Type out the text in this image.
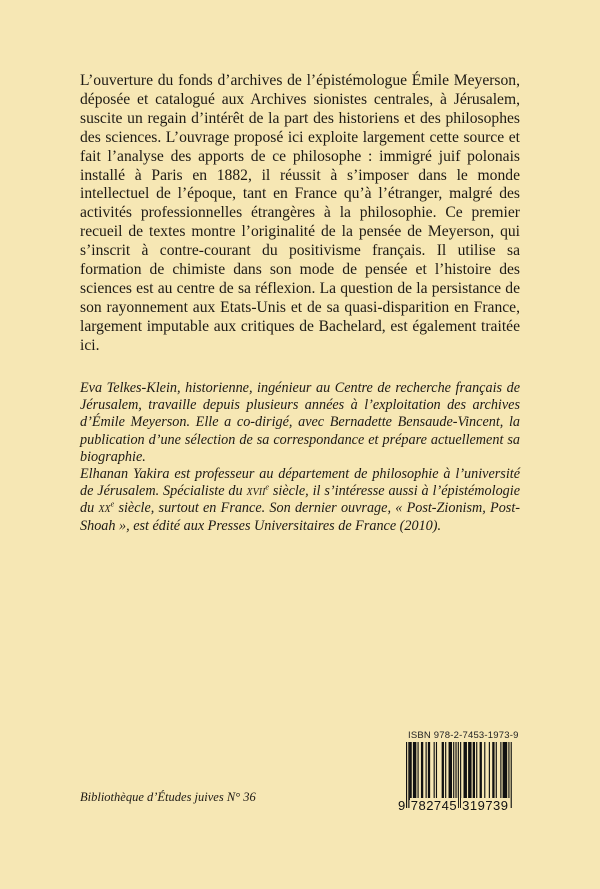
L’ouverture du fonds d’archives de l’épistémologue Émile Meyerson, déposée et catalogué aux Archives sionistes centrales, à Jérusalem, suscite un regain d’intérêt de la part des historiens et des philosophes des sciences. L’ouvrage proposé ici exploite largement cette source et fait l’analyse des apports de ce philosophe : immigré juif polonais installé à Paris en 1882, il réussit à s’imposer dans le monde intellectuel de l’époque, tant en France qu’à l’étranger, malgré des activités professionnelles étrangères à la philosophie. Ce premier recueil de textes montre l’originalité de la pensée de Meyerson, qui s’inscrit à contre-courant du positivisme français. Il utilise sa formation de chimiste dans son mode de pensée et l’histoire des sciences est au centre de sa réflexion. La question de la persistance de son rayonnement aux Etats-Unis et de sa quasi-disparition en France, largement imputable aux critiques de Bachelard, est également traitée ici.

Eva Telkes-Klein, historienne, ingénieur au Centre de recherche français de Jérusalem, travaille depuis plusieurs années à l’exploitation des archives d’Émile Meyerson. Elle a co-dirigé, avec Bernadette Bensaude-Vincent, la publication d’une sélection de sa correspondance et prépare actuellement sa biographie.

Elhanan Yakira est professeur au département de philosophie à l’université de Jérusalem. Spécialiste du xvii$^e$ siècle, il s’intéresse aussi à l’épistémologie du $xx^e$ siècle, surtout en France. Son dernier ouvrage, « Post-Zionism, Post-Shoah », est édité aux Presses Universitaires de France (2010).

ISBN 978-2-7453-1973-9
9 782745 319739
Bibliothèque d’Études juives N° 36
